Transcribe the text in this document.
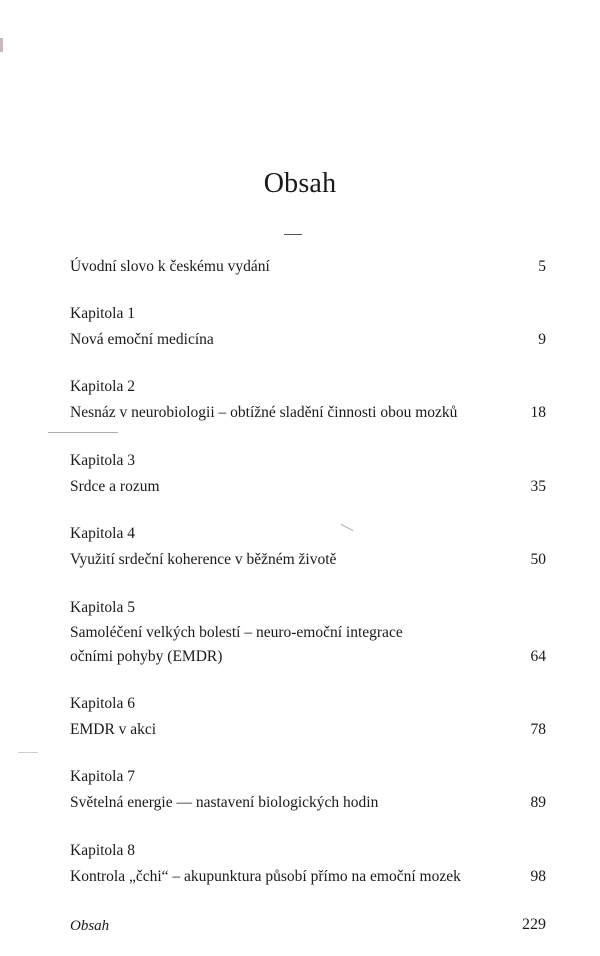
Obsah
Úvodní slovo k českému vydání	5
Kapitola 1
Nová emoční medicína	9
Kapitola 2
Nesnáz v neurobiologii – obtížné sladění činnosti obou mozků	18
Kapitola 3
Srdce a rozum	35
Kapitola 4
Využití srdeční koherence v běžném životě	50
Kapitola 5
Samoléčení velkých bolestí – neuro-emoční integrace
očními pohyby (EMDR)	64
Kapitola 6
EMDR v akci	78
Kapitola 7
Světelná energie — nastavení biologických hodin	89
Kapitola 8
Kontrola „čchi“ – akupunktura působí přímo na emoční mozek	98
Obsah	229
